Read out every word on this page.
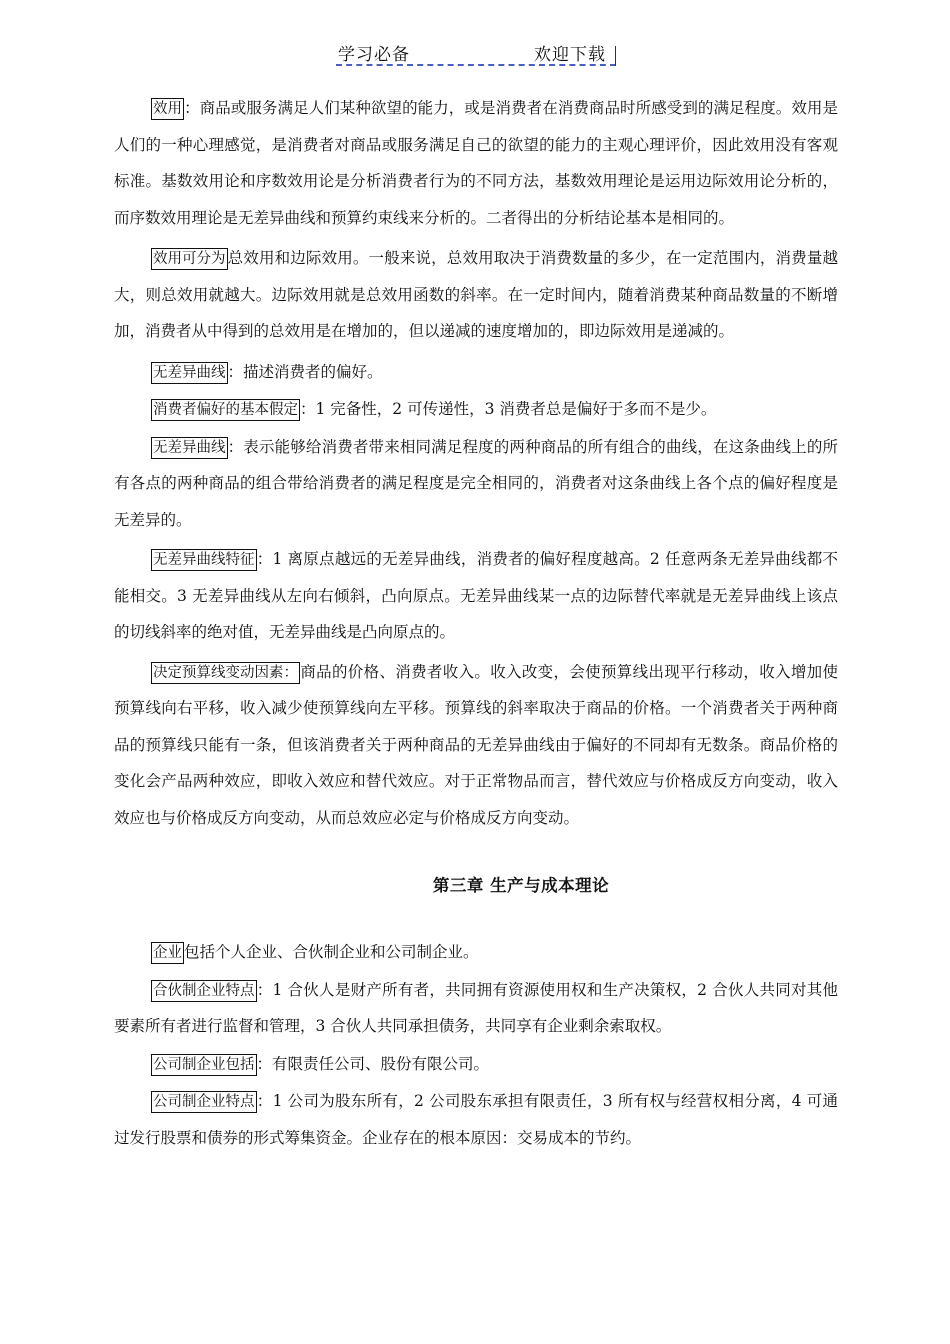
学习必备	欢迎下载

效用 ：商品或服务满足人们某种欲望的能力，或是消费者在消费商品时所感受到的满足程度。效用是人们的一种心理感觉，是消费者对商品或服务满足自己的欲望的能力的主观心理评价，因此效用没有客观标准。基数效用论和序数效用论是分析消费者行为的不同方法，基数效用理论是运用边际效用论分析的，而序数效用理论是无差异曲线和预算约束线来分析的。二者得出的分析结论基本是相同的。

效用可分为 总效用和边际效用。一般来说，总效用取决于消费数量的多少，在一定范围内，消费量越大，则总效用就越大。边际效用就是总效用函数的斜率。在一定时间内，随着消费某种商品数量的不断增加，消费者从中得到的总效用是在增加的，但以递减的速度增加的，即边际效用是递减的。

无差异曲线 ：描述消费者的偏好。

消费者偏好的基本假定 ：1 完备性，2 可传递性，3 消费者总是偏好于多而不是少。

无差异曲线 ：表示能够给消费者带来相同满足程度的两种商品的所有组合的曲线，在这条曲线上的所有各点的两种商品的组合带给消费者的满足程度是完全相同的，消费者对这条曲线上各个点的偏好程度是无差异的。

无差异曲线特征 ：1 离原点越远的无差异曲线，消费者的偏好程度越高。2 任意两条无差异曲线都不能相交。3 无差异曲线从左向右倾斜，凸向原点。无差异曲线某一点的边际替代率就是无差异曲线上该点的切线斜率的绝对值，无差异曲线是凸向原点的。

决定预算线变动因素： 商品的价格、消费者收入。收入改变，会使预算线出现平行移动，收入增加使预算线向右平移，收入减少使预算线向左平移。预算线的斜率取决于商品的价格。一个消费者关于两种商品的预算线只能有一条，但该消费者关于两种商品的无差异曲线由于偏好的不同却有无数条。商品价格的变化会产品两种效应，即收入效应和替代效应。对于正常物品而言，替代效应与价格成反方向变动，收入效应也与价格成反方向变动，从而总效应必定与价格成反方向变动。

第三章 生产与成本理论

企业 包括个人企业、合伙制企业和公司制企业。

合伙制企业特点 ：1 合伙人是财产所有者，共同拥有资源使用权和生产决策权，2 合伙人共同对其他要素所有者进行监督和管理，3 合伙人共同承担债务，共同享有企业剩余索取权。

公司制企业包括 ：有限责任公司、股份有限公司。

公司制企业特点 ：1 公司为股东所有，2 公司股东承担有限责任，3 所有权与经营权相分离，4 可通过发行股票和债券的形式筹集资金。企业存在的根本原因：交易成本的节约。
